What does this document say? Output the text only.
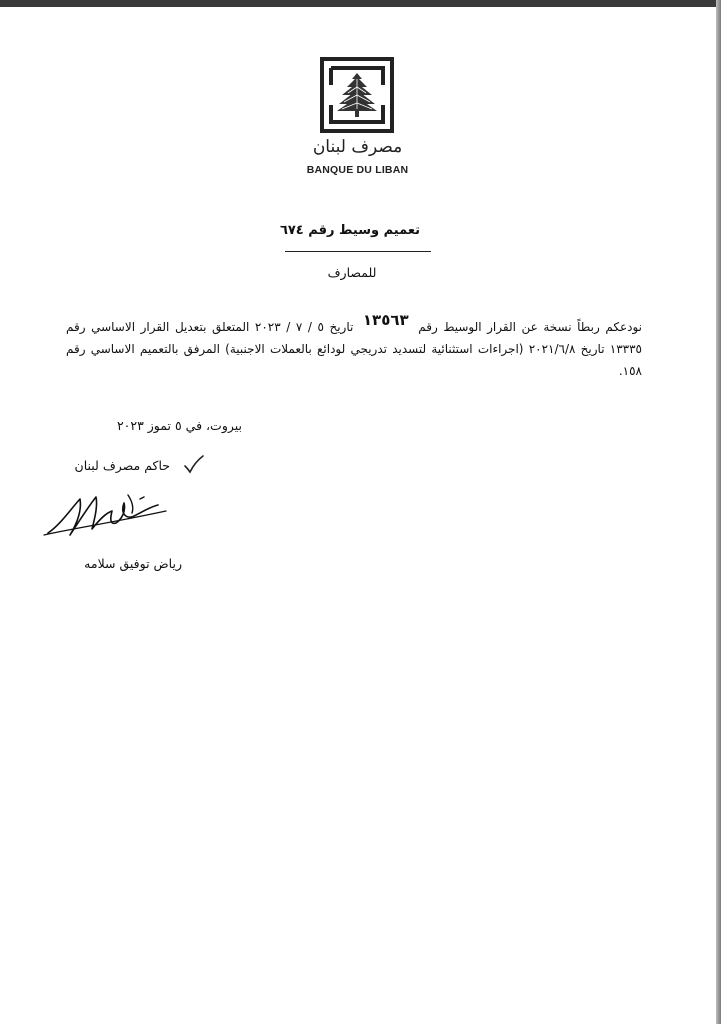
مصرف لبنان
BANQUE DU LIBAN
تعميم وسيط رقم ٦٧٤
للمصارف
نودعكم ربطاً نسخة عن القرار الوسيط رقم ١٣٥٦٣ تاريخ ٥ / ٧ / ٢٠٢٣ المتعلق بتعديل القرار الاساسي رقم ١٣٣٣٥ تاريخ ٢٠٢١/٦/٨ (اجراءات استثنائية لتسديد تدريجي لودائع بالعملات الاجنبية) المرفق بالتعميم الاساسي رقم ١٥٨.
بيروت، في ٥ تموز ٢٠٢٣
حاكم مصرف لبنان
رياض توفيق سلامه
